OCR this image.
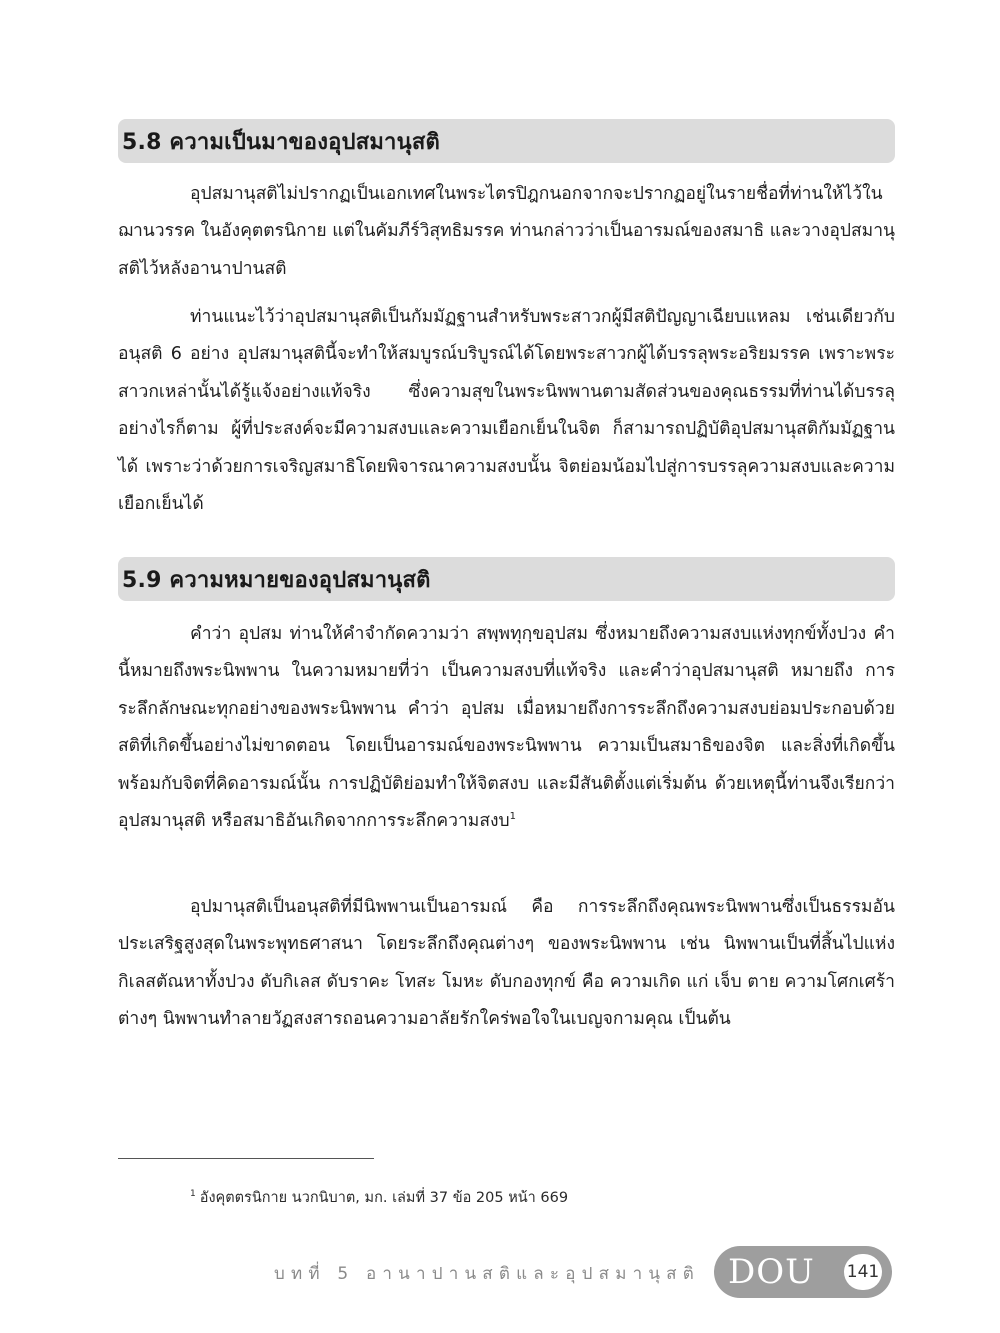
5.8 ความเป็นมาของอุปสมานุสติ

อุปสมานุสติไม่ปรากฏเป็นเอกเทศในพระไตรปิฎกนอกจากจะปรากฏอยู่ในรายชื่อที่ท่านให้ไว้ในฌานวรรค ในอังคุตตรนิกาย แต่ในคัมภีร์วิสุทธิมรรค ท่านกล่าวว่าเป็นอารมณ์ของสมาธิ และวางอุปสมานุสติไว้หลังอานาปานสติ

ท่านแนะไว้ว่าอุปสมานุสติเป็นกัมมัฏฐานสำหรับพระสาวกผู้มีสติปัญญาเฉียบแหลม เช่นเดียวกับอนุสติ 6 อย่าง อุปสมานุสตินี้จะทำให้สมบูรณ์บริบูรณ์ได้โดยพระสาวกผู้ได้บรรลุพระอริยมรรค เพราะพระสาวกเหล่านั้นได้รู้แจ้งอย่างแท้จริง ซึ่งความสุขในพระนิพพานตามสัดส่วนของคุณธรรมที่ท่านได้บรรลุ อย่างไรก็ตาม ผู้ที่ประสงค์จะมีความสงบและความเยือกเย็นในจิต ก็สามารถปฏิบัติอุปสมานุสติกัมมัฏฐานได้ เพราะว่าด้วยการเจริญสมาธิโดยพิจารณาความสงบนั้น จิตย่อมน้อมไปสู่การบรรลุความสงบและความเยือกเย็นได้

5.9 ความหมายของอุปสมานุสติ

คำว่า อุปสม ท่านให้คำจำกัดความว่า สพฺพทุกฺขอุปสม ซึ่งหมายถึงความสงบแห่งทุกข์ทั้งปวง คำนี้หมายถึงพระนิพพาน ในความหมายที่ว่า เป็นความสงบที่แท้จริง และคำว่าอุปสมานุสติ หมายถึง การระลึกลักษณะทุกอย่างของพระนิพพาน คำว่า อุปสม เมื่อหมายถึงการระลึกถึงความสงบย่อมประกอบด้วยสติที่เกิดขึ้นอย่างไม่ขาดตอน โดยเป็นอารมณ์ของพระนิพพาน ความเป็นสมาธิของจิต และสิ่งที่เกิดขึ้นพร้อมกับจิตที่คิดอารมณ์นั้น การปฏิบัติย่อมทำให้จิตสงบ และมีสันติตั้งแต่เริ่มต้น ด้วยเหตุนี้ท่านจึงเรียกว่า อุปสมานุสติ หรือสมาธิอันเกิดจากการระลึกความสงบ$^1$

อุปมานุสติเป็นอนุสติที่มีนิพพานเป็นอารมณ์ คือ การระลึกถึงคุณพระนิพพานซึ่งเป็นธรรมอันประเสริฐสูงสุดในพระพุทธศาสนา โดยระลึกถึงคุณต่างๆ ของพระนิพพาน เช่น นิพพานเป็นที่สิ้นไปแห่งกิเลสตัณหาทั้งปวง ดับกิเลส ดับราคะ โทสะ โมหะ ดับกองทุกข์ คือ ความเกิด แก่ เจ็บ ตาย ความโศกเศร้าต่างๆ นิพพานทำลายวัฏสงสารถอนความอาลัยรักใคร่พอใจในเบญจกามคุณ เป็นต้น

$^1$ อังคุตตรนิกาย นวกนิบาต, มก. เล่มที่ 37 ข้อ 205 หน้า 669
บทที่ 5 อานาปานสติและอุปสมานุสติ DOU 141
